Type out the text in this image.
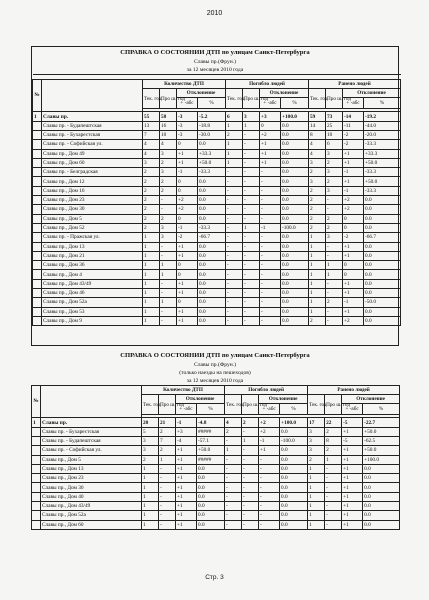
2010
СПРАВКА О СОСТОЯНИИ ДТП по улицам Санкт-Петербурга
Славы пр.(Фрун.)
за 12 месяцев 2010 года

№		Количество ДТП				Погибло людей				Ранено людей			
		Тек. год	Про ш. год	Отклонение		Тек. год	Про ш. год	Отклонение		Тек. год	Про ш. год	Отклонение	
				+ -абс	%			+ -абс	%			+ -абс	%

1	Славы пр.	55	58	-3	-5.2	6	3	+3	+100.0	59	73	-14	-19.2
	Славы пр. - Будапештская	13	16	-3	-18.8	1	1	0	0.0	14	25	-11	-44.0
	Славы пр. - Бухарестская	7	10	-3	-30.0	2	-	+2	0.0	8	10	-2	-20.0
	Славы пр. - Софийская ул.	4	4	0	0.0	1	-	+1	0.0	4	6	-2	-33.3
	Славы пр., Дом 49	4	3	+1	+33.3	1	-	+1	0.0	4	3	+1	+33.3
	Славы пр., Дом 60	3	2	+1	+50.0	1	-	+1	0.0	3	2	+1	+50.0
	Славы пр. - Белградская	2	3	-1	-33.3	-	-	-	0.0	2	3	-1	-33.3
	Славы пр., Дом 12	2	2	0	0.0	-	-	-	0.0	3	2	+1	+50.0
	Славы пр., Дом 16	2	2	0	0.0	-	-	-	0.0	2	3	-1	-33.3
	Славы пр., Дом 23	2	-	+2	0.0	-	-	-	0.0	2	-	+2	0.0
	Славы пр., Дом 30	2	-	+2	0.0	-	-	-	0.0	2	-	+2	0.0
	Славы пр., Дом 5	2	2	0	0.0	-	-	-	0.0	2	2	0	0.0
	Славы пр., Дом 52	2	3	-1	-33.3	-	1	-1	-100.0	2	2	0	0.0
	Славы пр. - Пражская ул.	1	3	-2	-66.7	-	-	-	0.0	1	3	-2	-66.7
	Славы пр., Дом 13	1	-	+1	0.0	-	-	-	0.0	1	-	+1	0.0
	Славы пр., Дом 21	1	-	+1	0.0	-	-	-	0.0	1	-	+1	0.0
	Славы пр., Дом 36	1	1	0	0.0	-	-	-	0.0	1	1	0	0.0
	Славы пр., Дом 4	1	1	0	0.0	-	-	-	0.0	1	1	0	0.0
	Славы пр., Дом 43/49	1	-	+1	0.0	-	-	-	0.0	1	-	+1	0.0
	Славы пр., Дом 46	1	-	+1	0.0	-	-	-	0.0	1	-	+1	0.0
	Славы пр., Дом 52а	1	1	0	0.0	-	-	-	0.0	1	2	-1	-50.0
	Славы пр., Дом 53	1	-	+1	0.0	-	-	-	0.0	1	-	+1	0.0
	Славы пр., Дом 9	1	-	+1	0.0	-	-	-	0.0	2	-	+2	0.0
СПРАВКА О СОСТОЯНИИ ДТП по улицам Санкт-Петербурга
Славы пр.(Фрун.)
(только наезды на пешеходов)
за 12 месяцев 2010 года
№		Количество ДТП				Погибло людей				Ранено людей			
		Тек. год	Про ш. год	Отклонение		Тек. год	Про ш. год	Отклонение		Тек. год	Про ш. год	Отклонение	
				+ -абс	%			+ -абс	%			+ -абс	%

1	Славы пр.	20	21	-1	-4.8	4	2	+2	+100.0	17	22	-5	-22.7
	Славы пр. - Бухарестская	5	2	+3	#####	2	-	+2	0.0	3	2	+1	+50.0
	Славы пр. - Будапештская	3	7	-4	-57.1	-	1	-1	-100.0	3	8	-5	-62.5
	Славы пр. - Софийская ул.	3	2	+1	+50.0	1	-	+1	0.0	3	2	+1	+50.0
	Славы пр., Дом 5	2	1	+1	#####	-	-	-	0.0	2	1	+1	+100.0
	Славы пр., Дом 13	1	-	+1	0.0	-	-	-	0.0	1	-	+1	0.0
	Славы пр., Дом 23	1	-	+1	0.0	-	-	-	0.0	1	-	+1	0.0
	Славы пр., Дом 30	1	-	+1	0.0	-	-	-	0.0	1	-	+1	0.0
	Славы пр., Дом 40	1	-	+1	0.0	-	-	-	0.0	1	-	+1	0.0
	Славы пр., Дом 43/49	1	-	+1	0.0	-	-	-	0.0	1	-	+1	0.0
	Славы пр., Дом 52а	1	-	+1	0.0	-	-	-	0.0	1	-	+1	0.0
	Славы пр., Дом 60	1	-	+1	0.0	-	-	-	0.0	1	-	+1	0.0
Стр. 3
